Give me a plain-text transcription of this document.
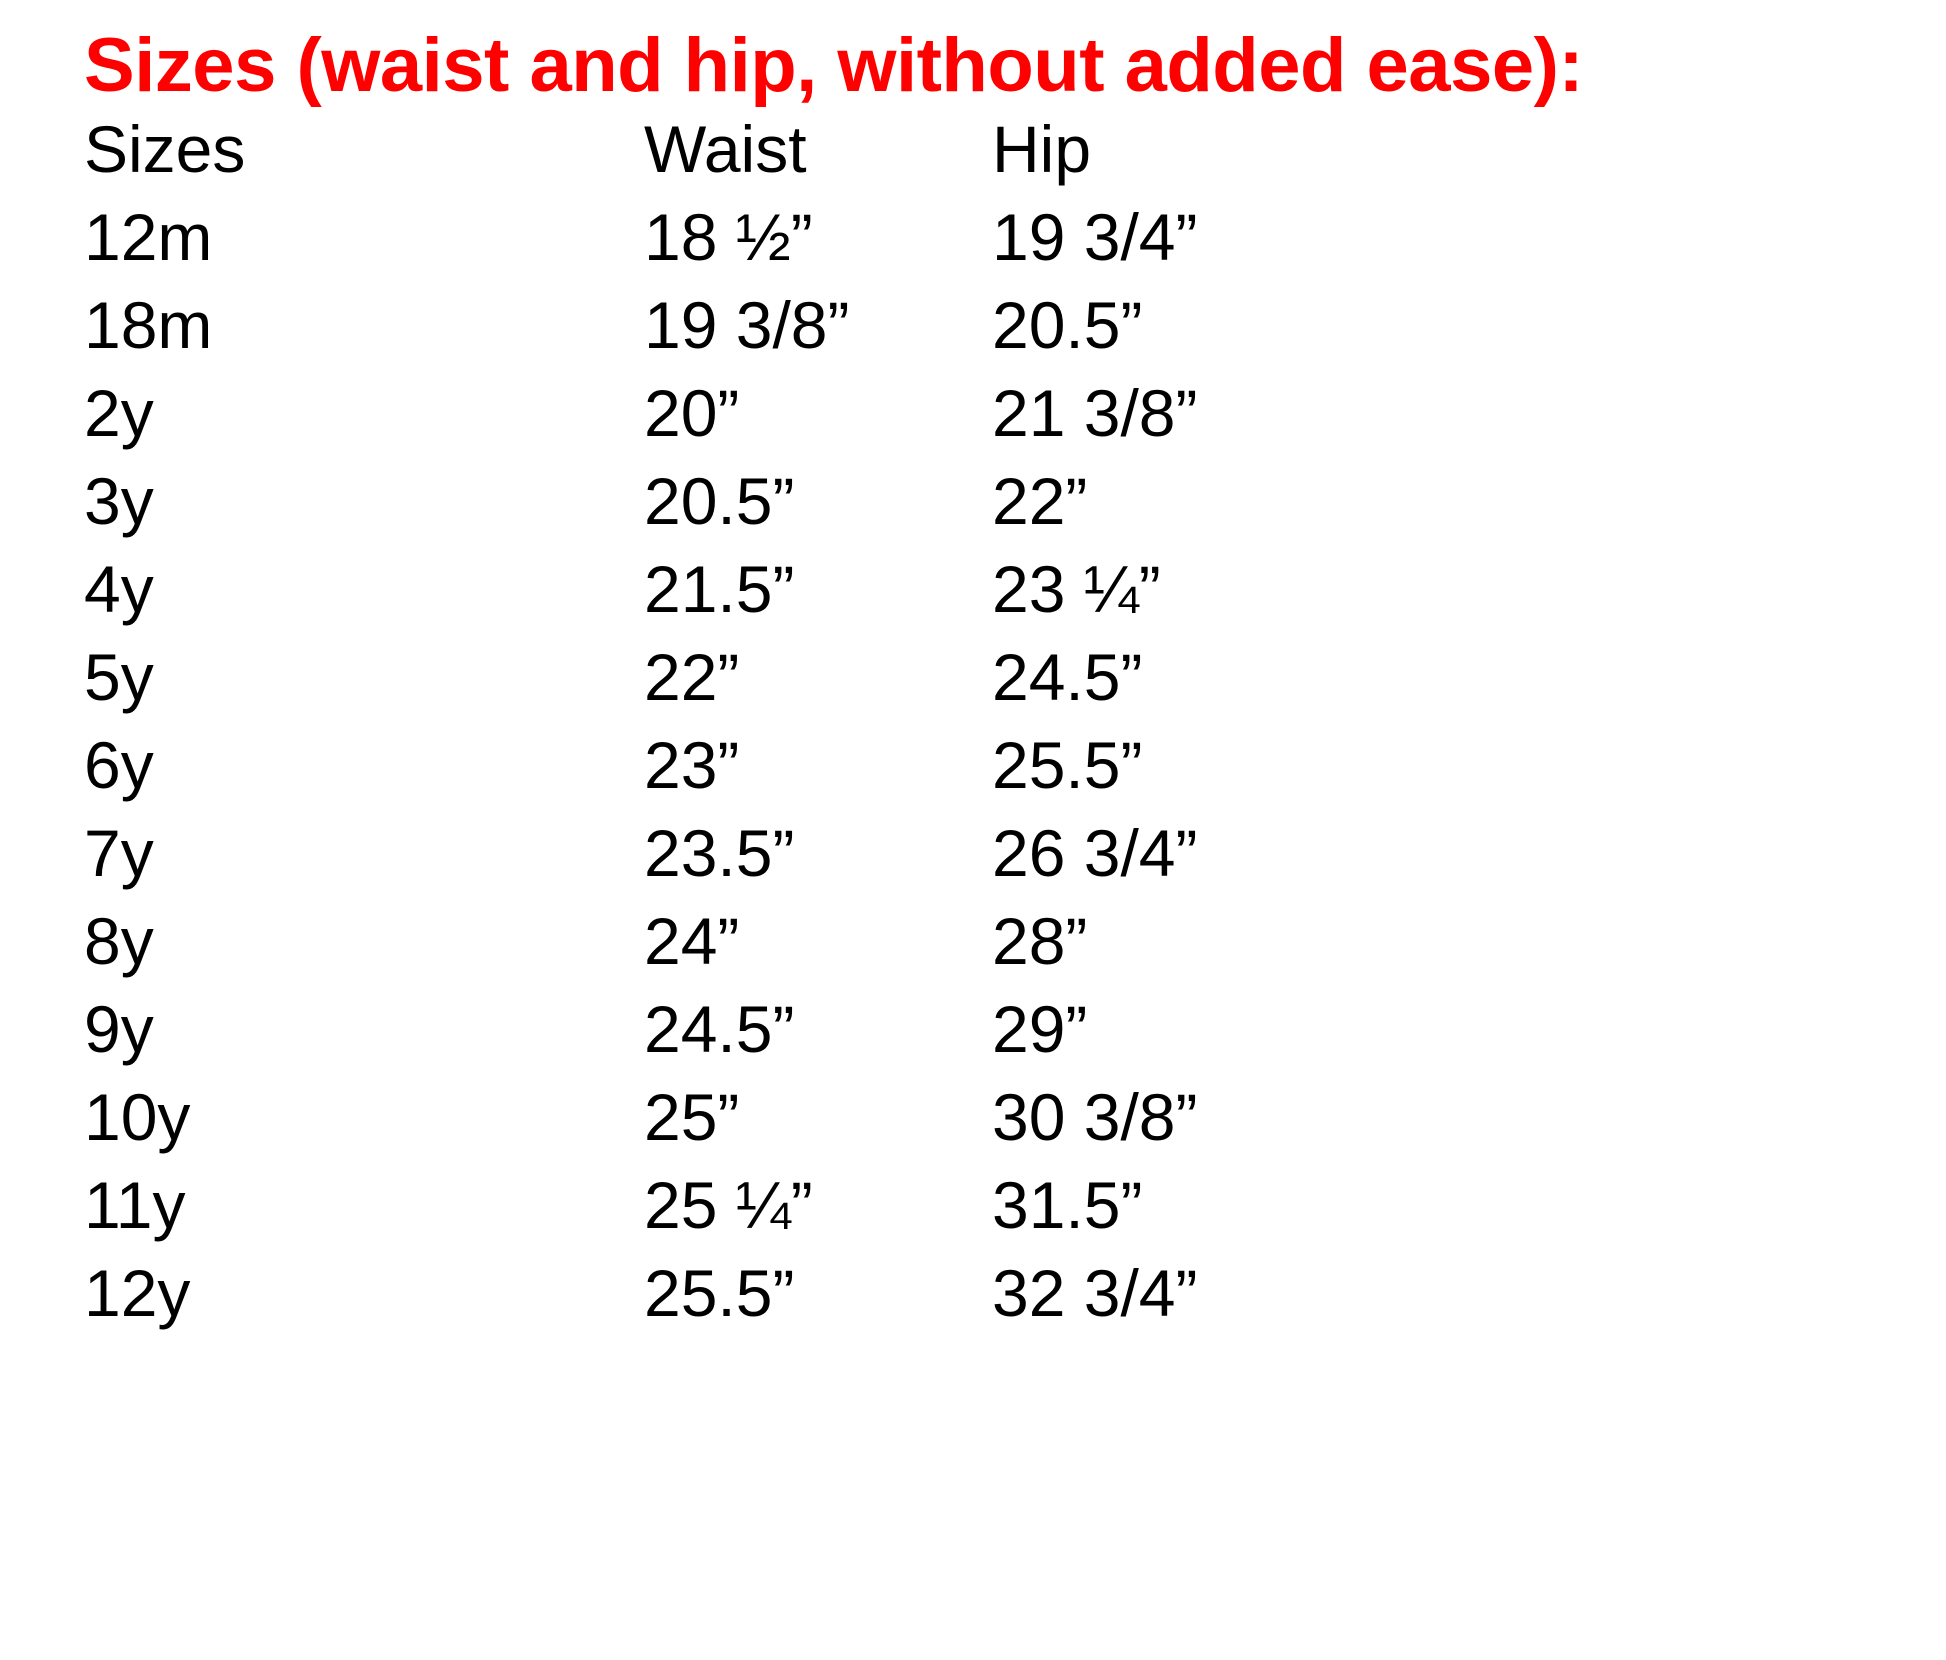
Sizes (waist and hip, without added ease):
Sizes	Waist	Hip
12m	18 ½”	19 3/4”
18m	19 3/8”	20.5”
2y	20”	21 3/8”
3y	20.5”	22”
4y	21.5”	23 ¼”
5y	22”	24.5”
6y	23”	25.5”
7y	23.5”	26 3/4”
8y	24”	28”
9y	24.5”	29”
10y	25”	30 3/8”
11y	25 ¼”	31.5”
12y	25.5”	32 3/4”
